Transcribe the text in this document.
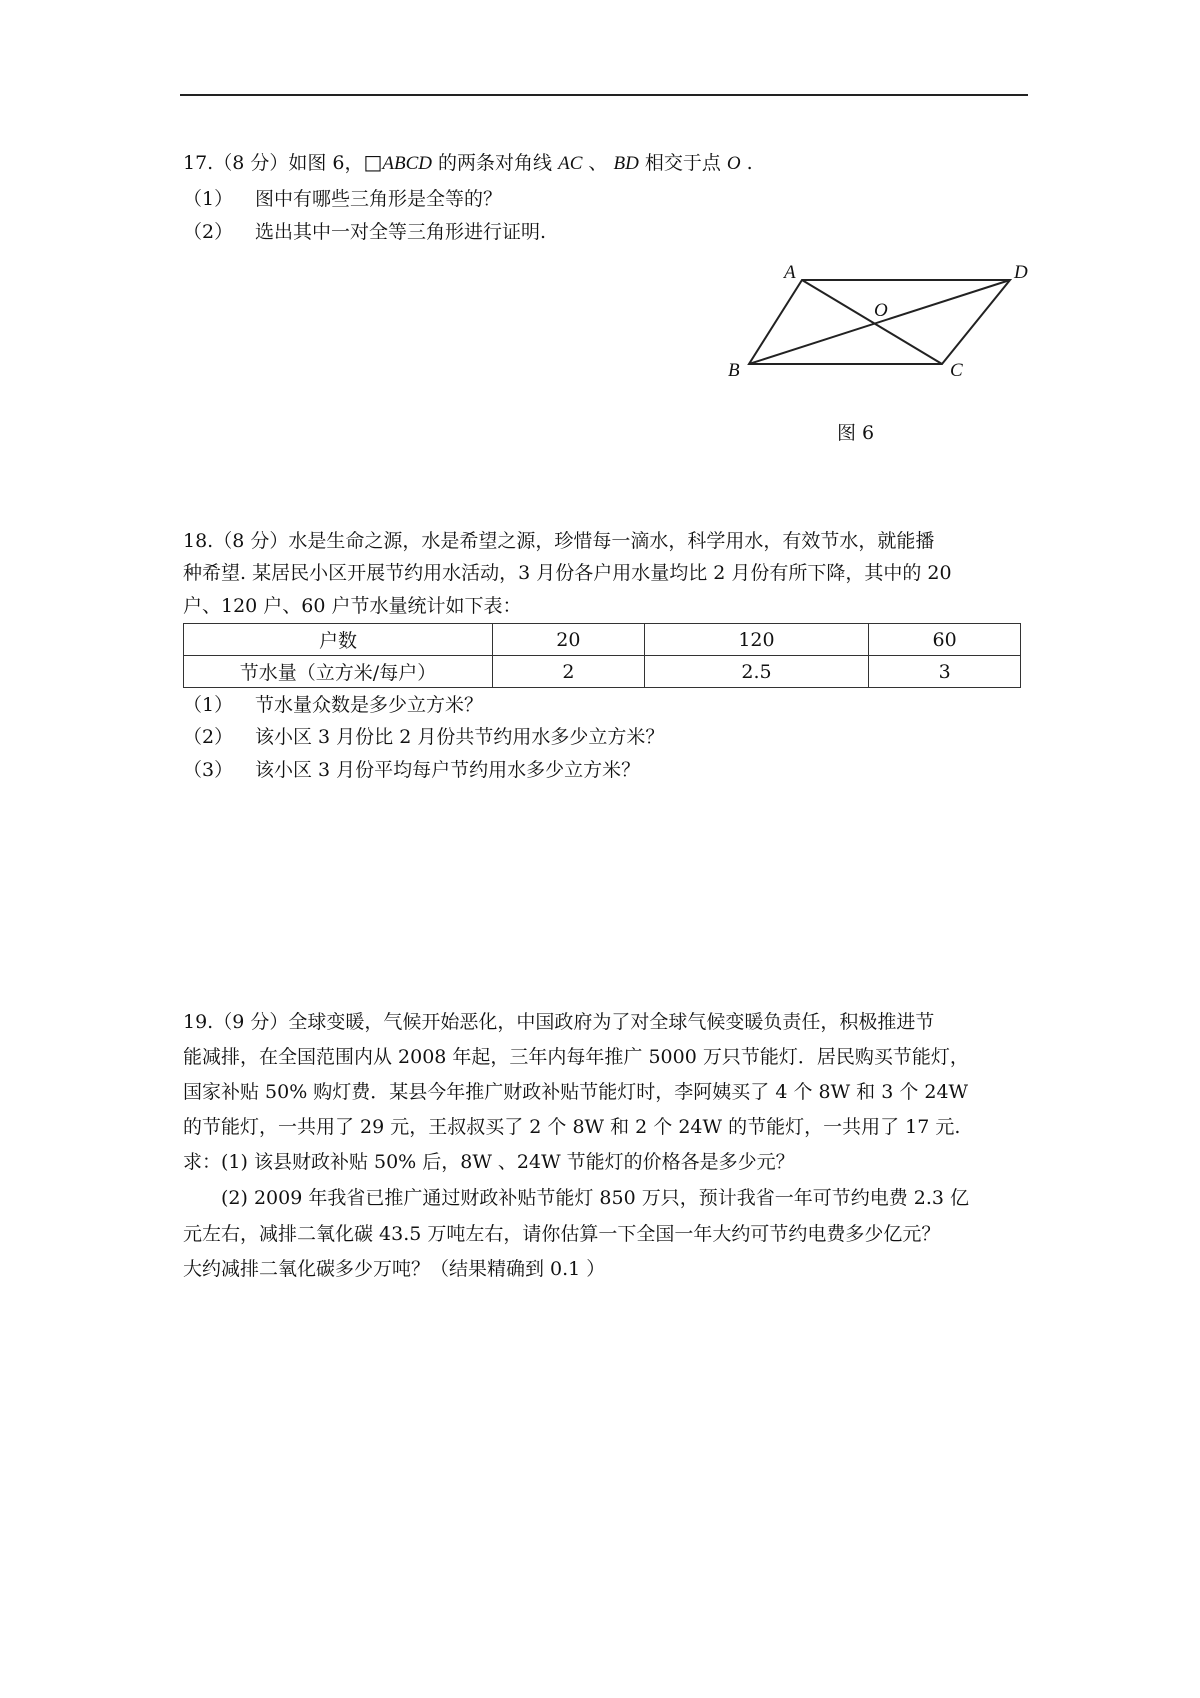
17.（8 分）如图 6，□ABCD 的两条对角线 AC 、 BD 相交于点 O .
（1） 图中有哪些三角形是全等的？
（2） 选出其中一对全等三角形进行证明.
A	D
B	C
O
图 6
18.（8 分）水是生命之源，水是希望之源，珍惜每一滴水，科学用水，有效节水，就能播
种希望. 某居民小区开展节约用水活动，3 月份各户用水量均比 2 月份有所下降，其中的 20
户、120 户、60 户节水量统计如下表：
户数	20	120	60
节水量（立方米/每户）	2	2.5	3
（1） 节水量众数是多少立方米？
（2） 该小区 3 月份比 2 月份共节约用水多少立方米？
（3） 该小区 3 月份平均每户节约用水多少立方米？
19.（9 分）全球变暖，气候开始恶化，中国政府为了对全球气候变暖负责任，积极推进节
能减排，在全国范围内从 2008 年起，三年内每年推广 5000 万只节能灯．居民购买节能灯，
国家补贴 50% 购灯费．某县今年推广财政补贴节能灯时，李阿姨买了 4 个 8W 和 3 个 24W
的节能灯，一共用了 29 元，王叔叔买了 2 个 8W 和 2 个 24W 的节能灯，一共用了 17 元.
求：(1) 该县财政补贴 50% 后，8W 、24W 节能灯的价格各是多少元？
　　(2) 2009 年我省已推广通过财政补贴节能灯 850 万只，预计我省一年可节约电费 2.3 亿
元左右，减排二氧化碳 43.5 万吨左右，请你估算一下全国一年大约可节约电费多少亿元？
大约减排二氧化碳多少万吨？（结果精确到 0.1 ）
